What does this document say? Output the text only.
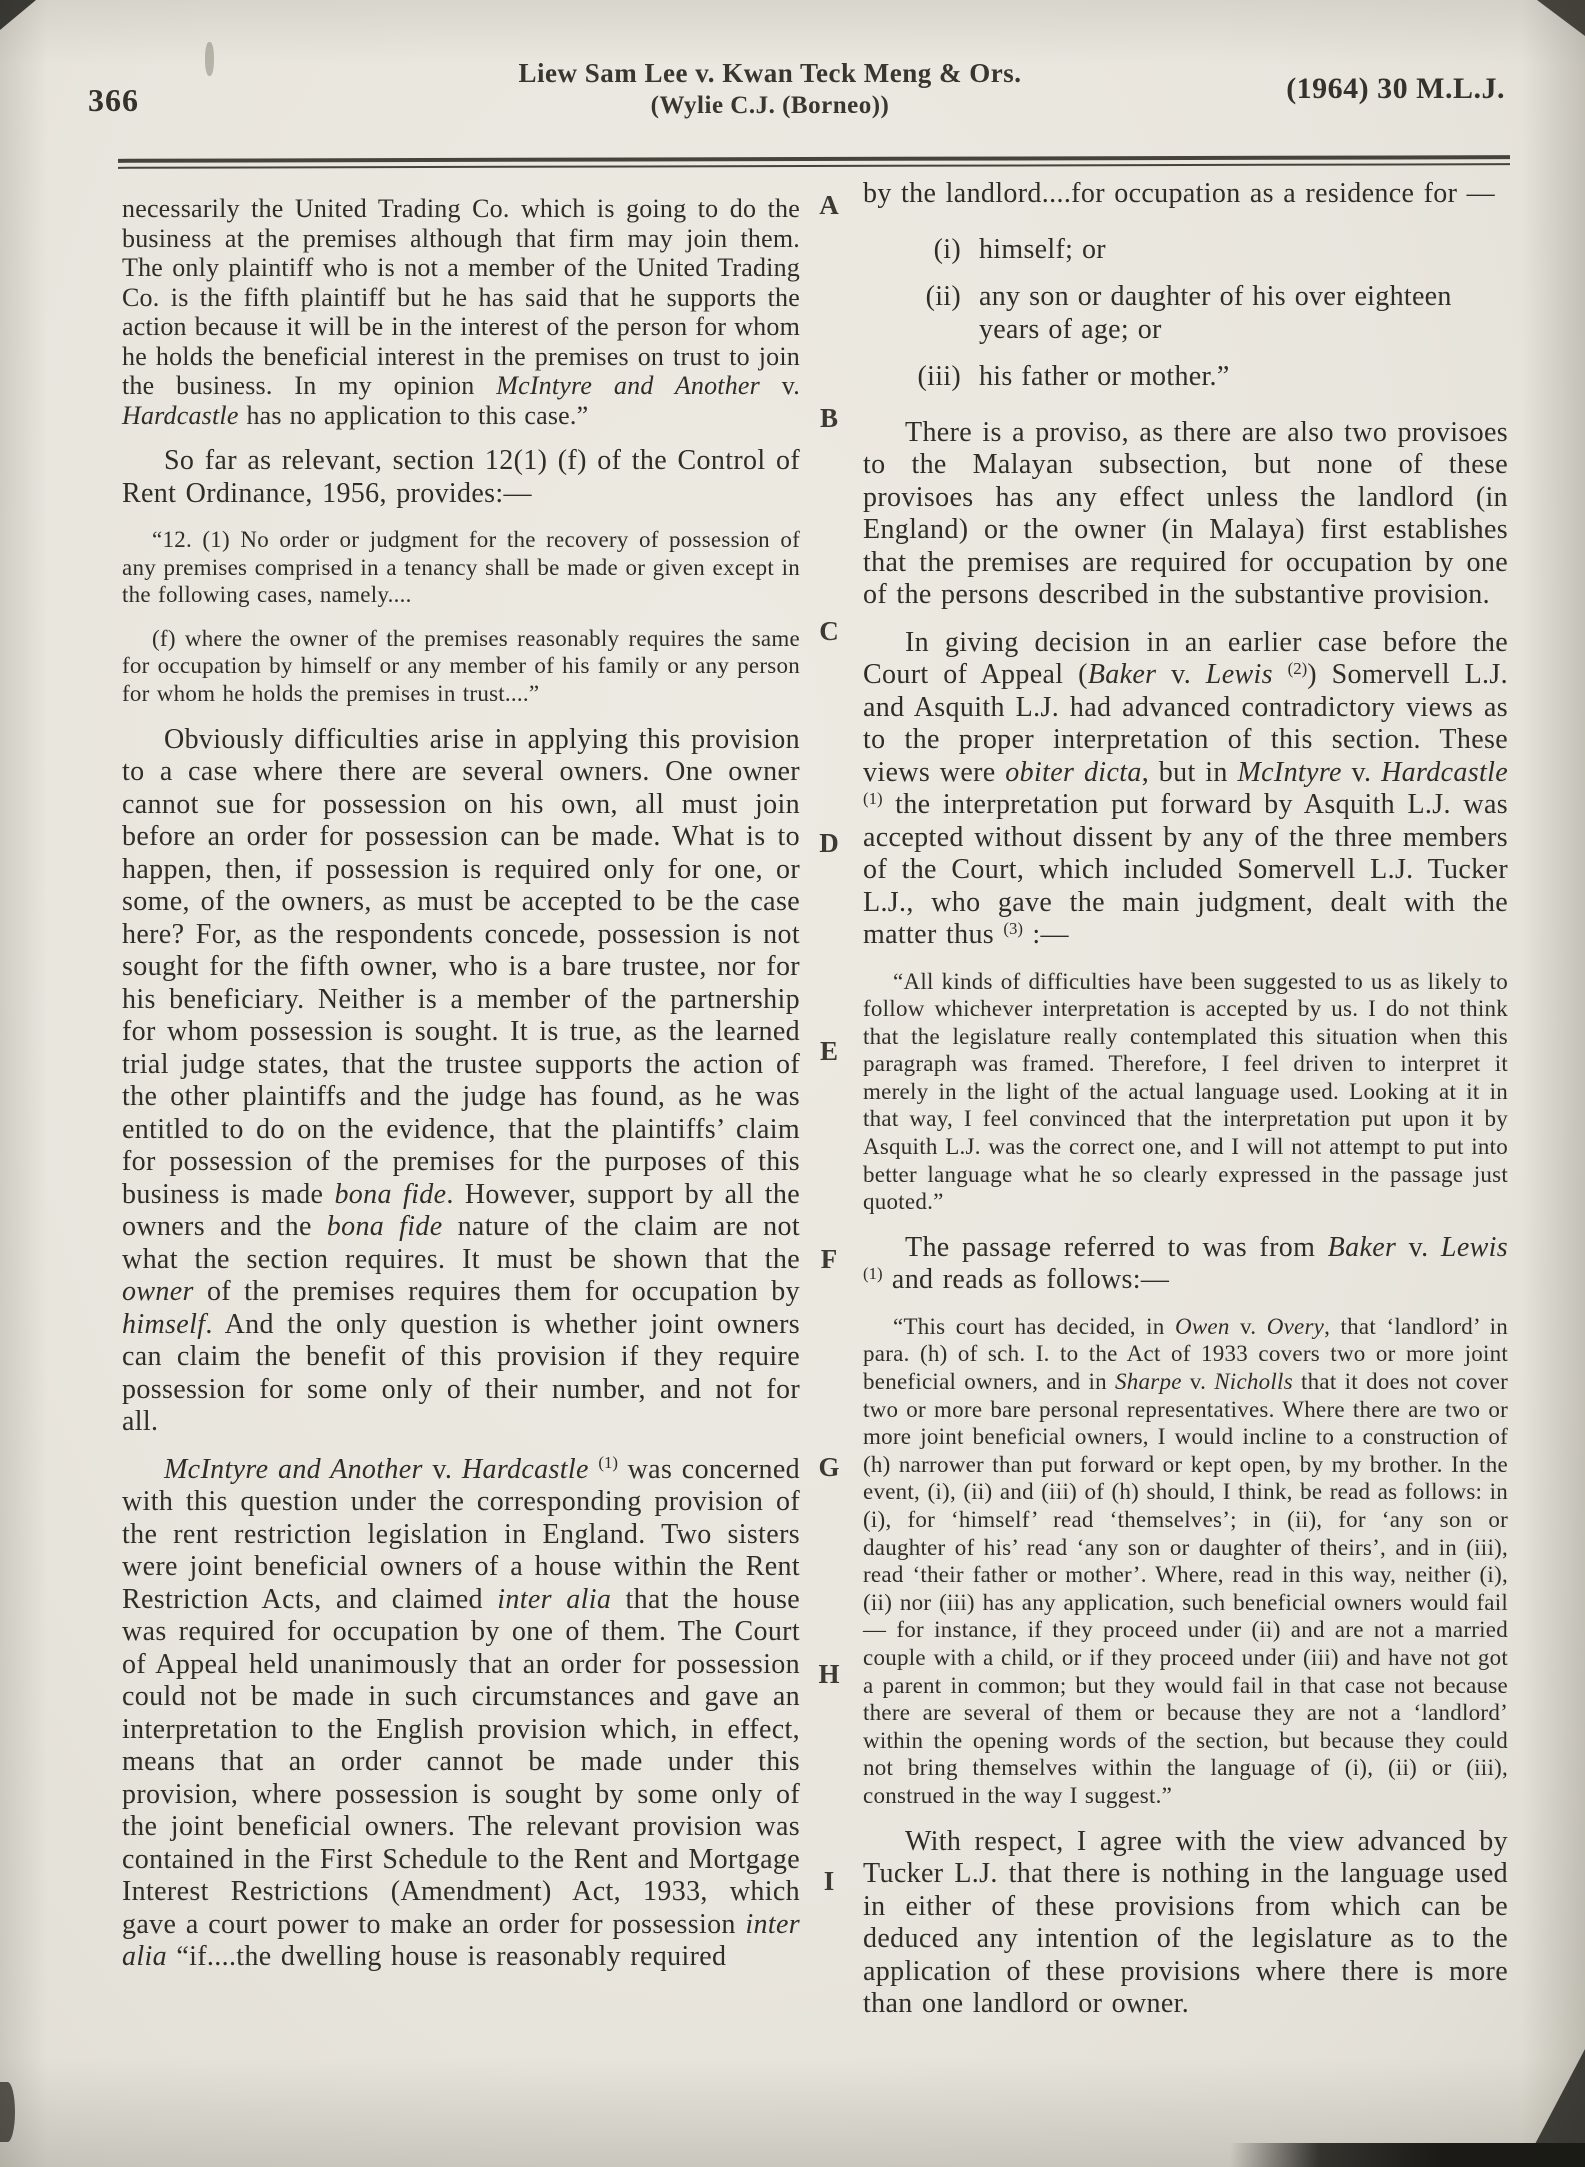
366
Liew Sam Lee v. Kwan Teck Meng & Ors.
(Wylie C.J. (Borneo))
(1964) 30 M.L.J.
A
B
C
D
E
F
G
H
I

necessarily the United Trading Co. which is going to do the business at the premises although that firm may join them. The only plaintiff who is not a member of the United Trading Co. is the fifth plaintiff but he has said that he supports the action because it will be in the interest of the person for whom he holds the beneficial interest in the premises on trust to join the business. In my opinion McIntyre and Another v. Hardcastle has no application to this case.”

So far as relevant, section 12(1) (f) of the Control of Rent Ordinance, 1956, provides:—

“12. (1) No order or judgment for the recovery of possession of any premises comprised in a tenancy shall be made or given except in the following cases, namely....

(f) where the owner of the premises reasonably requires the same for occupation by himself or any member of his family or any person for whom he holds the premises in trust....”

Obviously difficulties arise in applying this provision to a case where there are several owners. One owner cannot sue for possession on his own, all must join before an order for possession can be made. What is to happen, then, if possession is required only for one, or some, of the owners, as must be accepted to be the case here? For, as the respondents concede, possession is not sought for the fifth owner, who is a bare trustee, nor for his beneficiary. Neither is a member of the partnership for whom possession is sought. It is true, as the learned trial judge states, that the trustee supports the action of the other plaintiffs and the judge has found, as he was entitled to do on the evidence, that the plaintiffs’ claim for possession of the premises for the purposes of this business is made bona fide. However, support by all the owners and the bona fide nature of the claim are not what the section requires. It must be shown that the owner of the premises requires them for occupation by himself. And the only question is whether joint owners can claim the benefit of this provision if they require possession for some only of their number, and not for all.

McIntyre and Another v. Hardcastle $^{(1)}$ was concerned with this question under the corresponding provision of the rent restriction legislation in England. Two sisters were joint beneficial owners of a house within the Rent Restriction Acts, and claimed inter alia that the house was required for occupation by one of them. The Court of Appeal held unanimously that an order for possession could not be made in such circumstances and gave an interpretation to the English provision which, in effect, means that an order cannot be made under this provision, where possession is sought by some only of the joint beneficial owners. The relevant provision was contained in the First Schedule to the Rent and Mortgage Interest Restrictions (Amendment) Act, 1933, which gave a court power to make an order for possession inter alia “if....the dwelling house is reasonably required

by the landlord....for occupation as a residence for —

(i) himself; or
(ii) any son or daughter of his over eighteen years of age; or
(iii) his father or mother.”

There is a proviso, as there are also two provisoes to the Malayan subsection, but none of these provisoes has any effect unless the landlord (in England) or the owner (in Malaya) first establishes that the premises are required for occupation by one of the persons described in the substantive provision.

In giving decision in an earlier case before the Court of Appeal (Baker v. Lewis $^{(2)}$) Somervell L.J. and Asquith L.J. had advanced contradictory views as to the proper interpretation of this section. These views were obiter dicta, but in McIntyre v. Hardcastle $^{(1)}$ the interpretation put forward by Asquith L.J. was accepted without dissent by any of the three members of the Court, which included Somervell L.J. Tucker L.J., who gave the main judgment, dealt with the matter thus $^{(3)}$ :—

“All kinds of difficulties have been suggested to us as likely to follow whichever interpretation is accepted by us. I do not think that the legislature really contemplated this situation when this paragraph was framed. Therefore, I feel driven to interpret it merely in the light of the actual language used. Looking at it in that way, I feel convinced that the interpretation put upon it by Asquith L.J. was the correct one, and I will not attempt to put into better language what he so clearly expressed in the passage just quoted.”

The passage referred to was from Baker v. Lewis $^{(1)}$ and reads as follows:—

“This court has decided, in Owen v. Overy, that ‘landlord’ in para. (h) of sch. I. to the Act of 1933 covers two or more joint beneficial owners, and in Sharpe v. Nicholls that it does not cover two or more bare personal representatives. Where there are two or more joint beneficial owners, I would incline to a construction of (h) narrower than put forward or kept open, by my brother. In the event, (i), (ii) and (iii) of (h) should, I think, be read as follows: in (i), for ‘himself’ read ‘themselves’; in (ii), for ‘any son or daughter of his’ read ‘any son or daughter of theirs’, and in (iii), read ‘their father or mother’. Where, read in this way, neither (i), (ii) nor (iii) has any application, such beneficial owners would fail — for instance, if they proceed under (ii) and are not a married couple with a child, or if they proceed under (iii) and have not got a parent in common; but they would fail in that case not because there are several of them or because they are not a ‘landlord’ within the opening words of the section, but because they could not bring themselves within the language of (i), (ii) or (iii), construed in the way I suggest.”

With respect, I agree with the view advanced by Tucker L.J. that there is nothing in the language used in either of these provisions from which can be deduced any intention of the legislature as to the application of these provisions where there is more than one landlord or owner.
